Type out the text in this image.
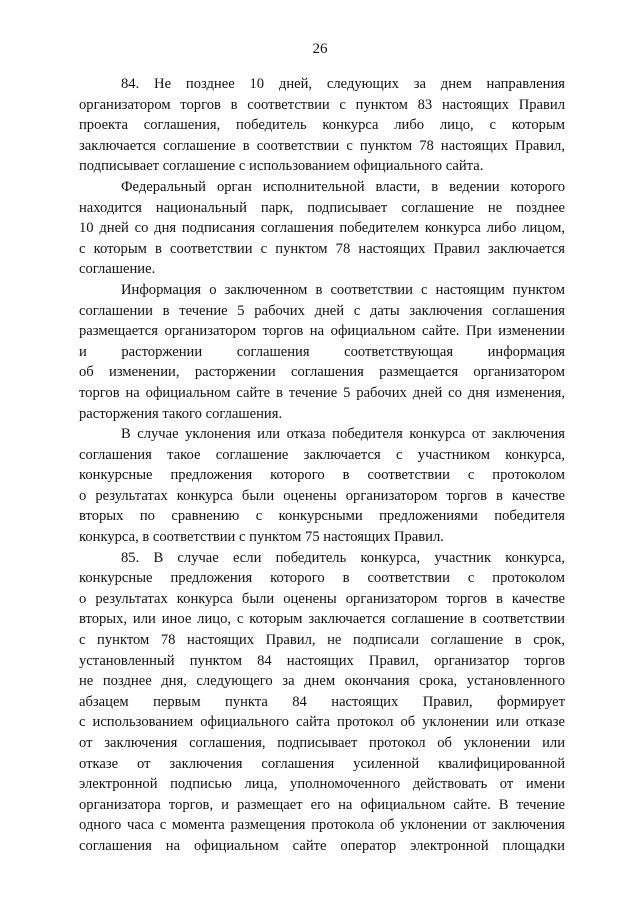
26
84. Не позднее 10 дней, следующих за днем направления
организатором торгов в соответствии с пунктом 83 настоящих Правил
проекта соглашения, победитель конкурса либо лицо, с которым
заключается соглашение в соответствии с пунктом 78 настоящих Правил,
подписывает соглашение с использованием официального сайта.
Федеральный орган исполнительной власти, в ведении которого
находится национальный парк, подписывает соглашение не позднее
10 дней со дня подписания соглашения победителем конкурса либо лицом,
с которым в соответствии с пунктом 78 настоящих Правил заключается
соглашение.
Информация о заключенном в соответствии с настоящим пунктом
соглашении в течение 5 рабочих дней с даты заключения соглашения
размещается организатором торгов на официальном сайте. При изменении
и расторжении соглашения соответствующая информация
об изменении, расторжении соглашения размещается организатором
торгов на официальном сайте в течение 5 рабочих дней со дня изменения,
расторжения такого соглашения.
В случае уклонения или отказа победителя конкурса от заключения
соглашения такое соглашение заключается с участником конкурса,
конкурсные предложения которого в соответствии с протоколом
о результатах конкурса были оценены организатором торгов в качестве
вторых по сравнению с конкурсными предложениями победителя
конкурса, в соответствии с пунктом 75 настоящих Правил.
85. В случае если победитель конкурса, участник конкурса,
конкурсные предложения которого в соответствии с протоколом
о результатах конкурса были оценены организатором торгов в качестве
вторых, или иное лицо, с которым заключается соглашение в соответствии
с пунктом 78 настоящих Правил, не подписали соглашение в срок,
установленный пунктом 84 настоящих Правил, организатор торгов
не позднее дня, следующего за днем окончания срока, установленного
абзацем первым пункта 84 настоящих Правил, формирует
с использованием официального сайта протокол об уклонении или отказе
от заключения соглашения, подписывает протокол об уклонении или
отказе от заключения соглашения усиленной квалифицированной
электронной подписью лица, уполномоченного действовать от имени
организатора торгов, и размещает его на официальном сайте. В течение
одного часа с момента размещения протокола об уклонении от заключения
соглашения на официальном сайте оператор электронной площадки
